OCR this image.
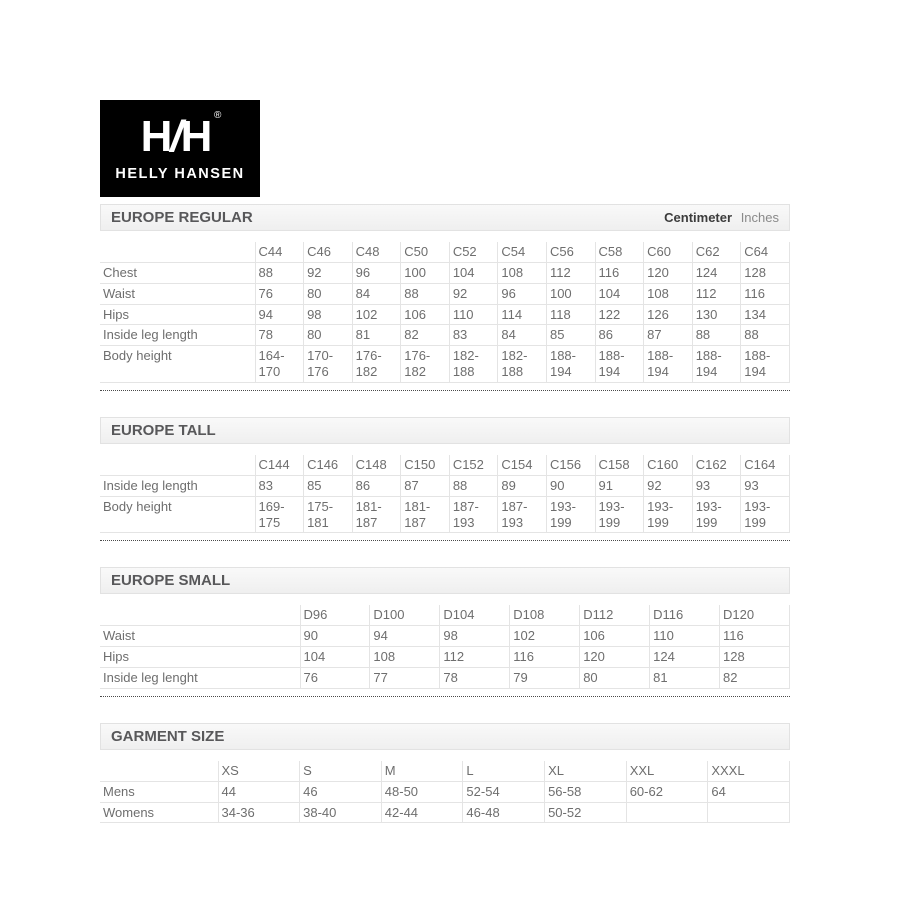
H/H ®
HELLY HANSEN
EUROPE REGULAR	Centimeter Inches
	C44	C46	C48	C50	C52	C54	C56	C58	C60	C62	C64
Chest	88	92	96	100	104	108	112	116	120	124	128
Waist	76	80	84	88	92	96	100	104	108	112	116
Hips	94	98	102	106	110	114	118	122	126	130	134
Inside leg length	78	80	81	82	83	84	85	86	87	88	88
Body height	164-170	170-176	176-182	176-182	182-188	182-188	188-194	188-194	188-194	188-194	188-194
EUROPE TALL
	C144	C146	C148	C150	C152	C154	C156	C158	C160	C162	C164
Inside leg length	83	85	86	87	88	89	90	91	92	93	93
Body height	169-175	175-181	181-187	181-187	187-193	187-193	193-199	193-199	193-199	193-199	193-199
EUROPE SMALL
	D96	D100	D104	D108	D112	D116	D120
Waist	90	94	98	102	106	110	116
Hips	104	108	112	116	120	124	128
Inside leg lenght	76	77	78	79	80	81	82
GARMENT SIZE
	XS	S	M	L	XL	XXL	XXXL
Mens	44	46	48-50	52-54	56-58	60-62	64
Womens	34-36	38-40	42-44	46-48	50-52		
